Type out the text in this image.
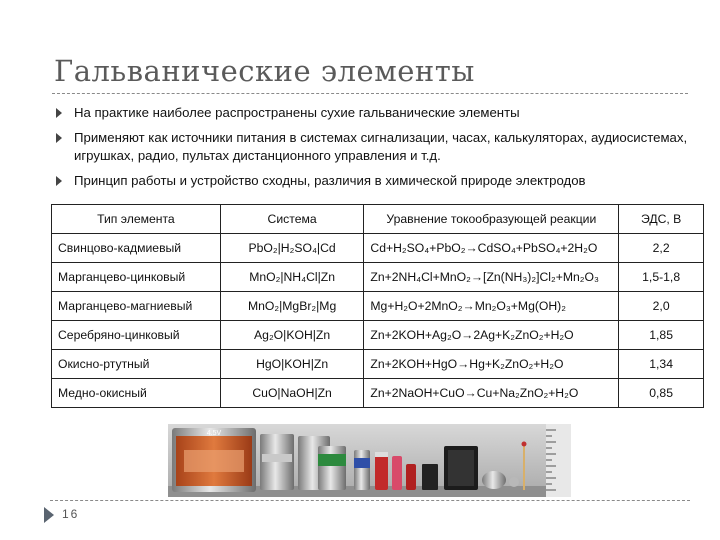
Гальванические элементы
На практике наиболее распространены сухие гальванические элементы
Применяют как источники питания в системах сигнализации, часах, калькуляторах, аудиосистемах, игрушках, радио, пультах дистанционного управления и т.д.
Принцип работы и устройство сходны, различия в химической природе электродов
Тип элемента	Система	Уравнение токообразующей реакции	ЭДС, В
Свинцово-кадмиевый	PbO₂|H₂SO₄|Cd	Cd+H₂SO₄+PbO₂→CdSO₄+PbSO₄+2H₂O	2,2
Марганцево-цинковый	MnO₂|NH₄Cl|Zn	Zn+2NH₄Cl+MnO₂→[Zn(NH₃)₂]Cl₂+Mn₂O₃	1,5-1,8
Марганцево-магниевый	MnO₂|MgBr₂|Mg	Mg+H₂O+2MnO₂→Mn₂O₃+Mg(OH)₂	2,0
Серебряно-цинковый	Ag₂O|KOH|Zn	Zn+2KOH+Ag₂O→2Ag+K₂ZnO₂+H₂O	1,85
Окисно-ртутный	HgO|KOH|Zn	Zn+2KOH+HgO→Hg+K₂ZnO₂+H₂O	1,34
Медно-окисный	CuO|NaOH|Zn	Zn+2NaOH+CuO→Cu+Na₂ZnO₂+H₂O	0,85
4.5V
16
